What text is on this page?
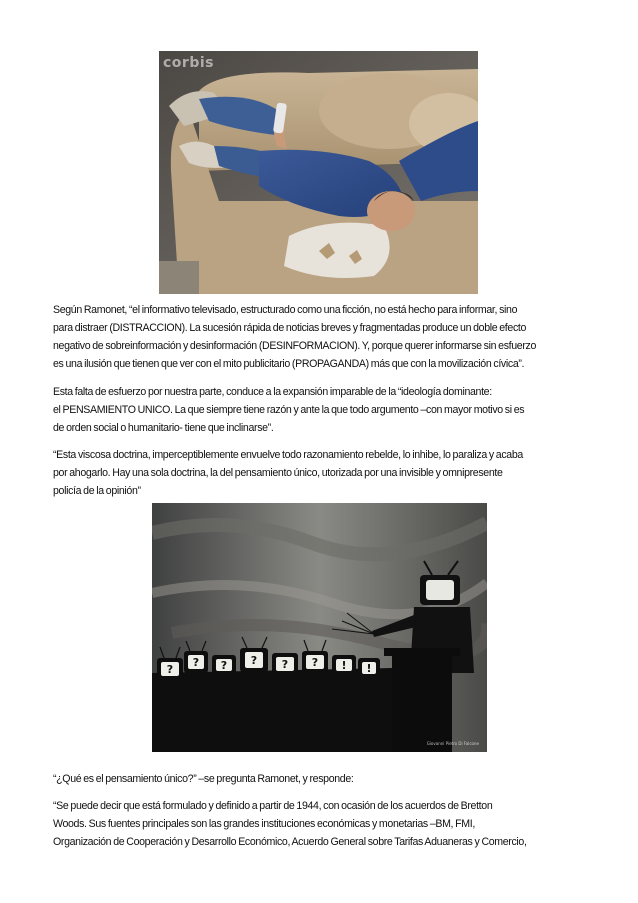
corbis
Según Ramonet, “el informativo televisado, estructurado como una ficción, no está hecho para informar, sino
para distraer (DISTRACCION). La sucesión rápida de noticias breves y fragmentadas produce un doble efecto
negativo de sobreinformación y desinformación (DESINFORMACION). Y, porque querer informarse sin esfuerzo
es una ilusión que tienen que ver con el mito publicitario (PROPAGANDA) más que con la movilización cívica”.
Esta falta de esfuerzo por nuestra parte, conduce a la expansión imparable de la “ideología dominante:
el PENSAMIENTO UNICO. La que siempre tiene razón y ante la que todo argumento –con mayor motivo si es
de orden social o humanitario- tiene que inclinarse”.
“Esta viscosa doctrina, imperceptiblemente envuelve todo razonamiento rebelde, lo inhibe, lo paraliza y acaba
por ahogarlo. Hay una sola doctrina, la del pensamiento único, utorizada por una invisible y omnipresente
policía de la opinión”
?
? ? ? ? ? ! !
Giovanni Pietro Di Falcone
“¿Qué es el pensamiento único?” –se pregunta Ramonet, y responde:
“Se puede decir que está formulado y definido a partir de 1944, con ocasión de los acuerdos de Bretton
Woods. Sus fuentes principales son las grandes instituciones económicas y monetarias –BM, FMI,
Organización de Cooperación y Desarrollo Económico, Acuerdo General sobre Tarifas Aduaneras y Comercio,
